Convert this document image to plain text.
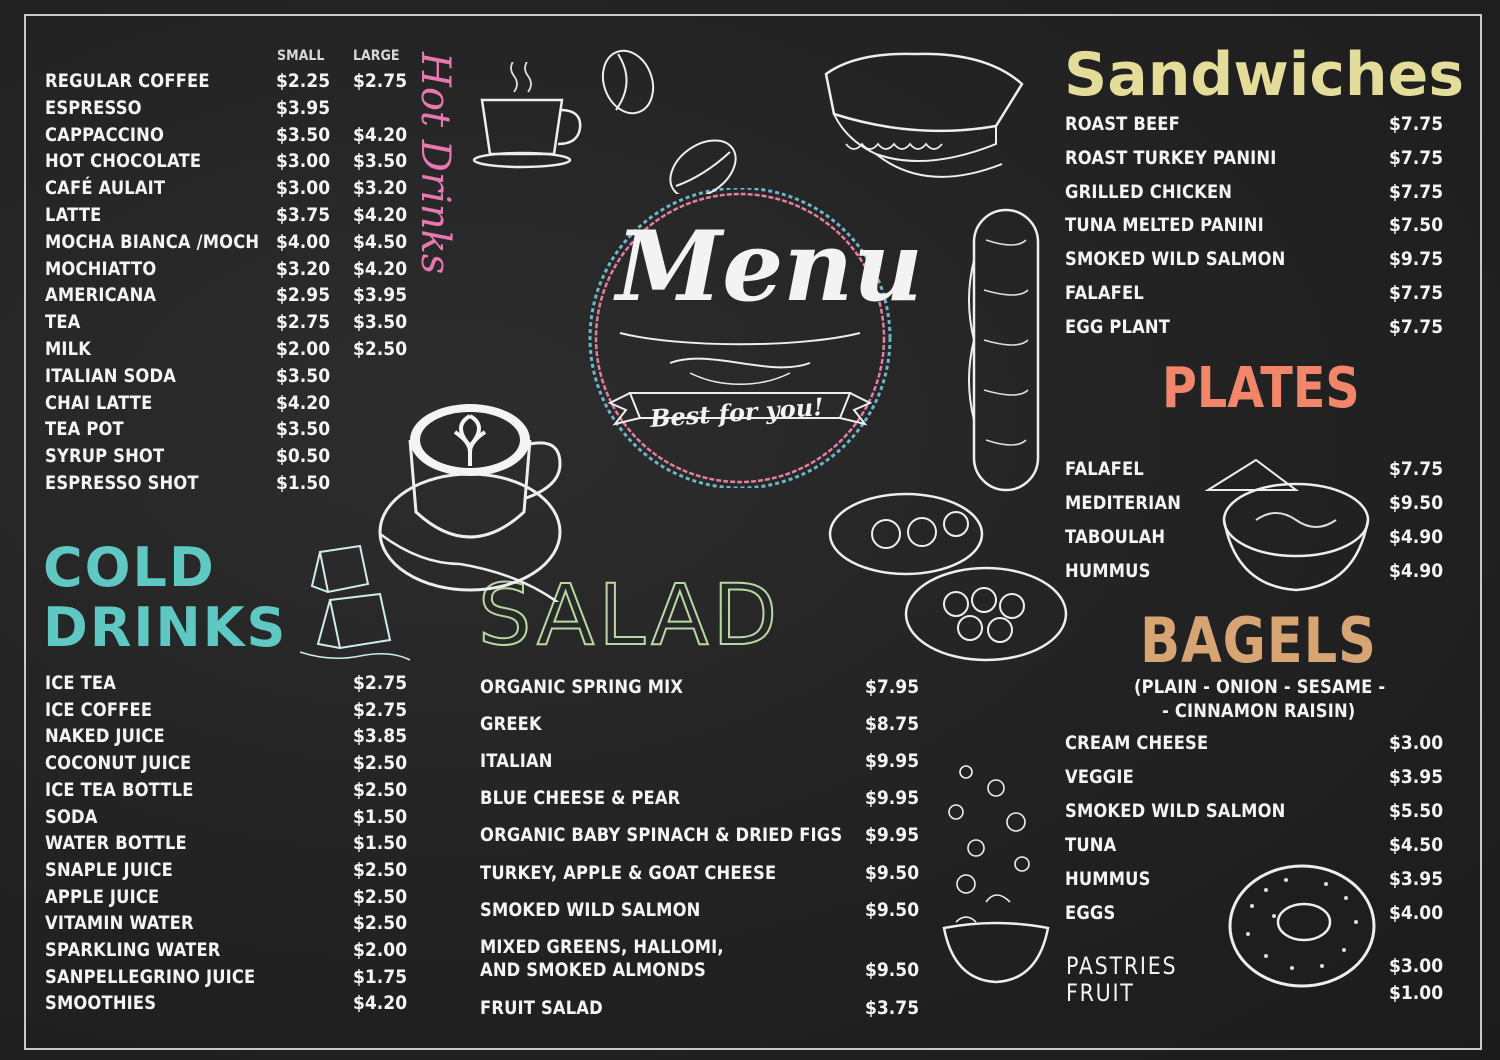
SMALL LARGE Hot Drinks
REGULAR COFFEE	$2.25 $2.75
ESPRESSO	$3.95
CAPPACCINO	$3.50 $4.20
HOT CHOCOLATE	$3.00 $3.50
CAFÉ AULAIT	$3.00 $3.20
LATTE	$3.75 $4.20
MOCHA BIANCA /MOCH $4.00 $4.50
MOCHIATTO	$3.20 $4.20
AMERICANA	$2.95 $3.95
TEA	$2.75 $3.50
MILK	$2.00 $2.50
ITALIAN SODA	$3.50
CHAI LATTE	$4.20
TEA POT	$3.50
SYRUP SHOT	$0.50
ESPRESSO SHOT	$1.50
COLD
DRINKS
ICE TEA	$2.75
ICE COFFEE	$2.75
NAKED JUICE	$3.85
COCONUT JUICE	$2.50
ICE TEA BOTTLE	$2.50
SODA	$1.50
WATER BOTTLE	$1.50
SNAPLE JUICE	$2.50
APPLE JUICE	$2.50
VITAMIN WATER	$2.50
SPARKLING WATER	$2.00
SANPELLEGRINO JUICE	$1.75
SMOOTHIES	$4.20
Menu
Best for you!
SALAD
ORGANIC SPRING MIX	$7.95
GREEK	$8.75
ITALIAN	$9.95
BLUE CHEESE & PEAR	$9.95
ORGANIC BABY SPINACH & DRIED FIGS $9.95
TURKEY, APPLE & GOAT CHEESE	$9.50
SMOKED WILD SALMON	$9.50
MIXED GREENS, HALLOMI,
AND SMOKED ALMONDS	$9.50
FRUIT SALAD	$3.75
Sandwiches
ROAST BEEF	$7.75
ROAST TURKEY PANINI	$7.75
GRILLED CHICKEN	$7.75
TUNA MELTED PANINI	$7.50
SMOKED WILD SALMON	$9.75
FALAFEL	$7.75
EGG PLANT	$7.75
PLATES
FALAFEL	$7.75
MEDITERIAN	$9.50
TABOULAH	$4.90
HUMMUS	$4.90
BAGELS
(PLAIN - ONION - SESAME -
- CINNAMON RAISIN)
CREAM CHEESE	$3.00
VEGGIE	$3.95
SMOKED WILD SALMON	$5.50
TUNA	$4.50
HUMMUS	$3.95
EGGS	$4.00
PASTRIES	$3.00
FRUIT	$1.00
